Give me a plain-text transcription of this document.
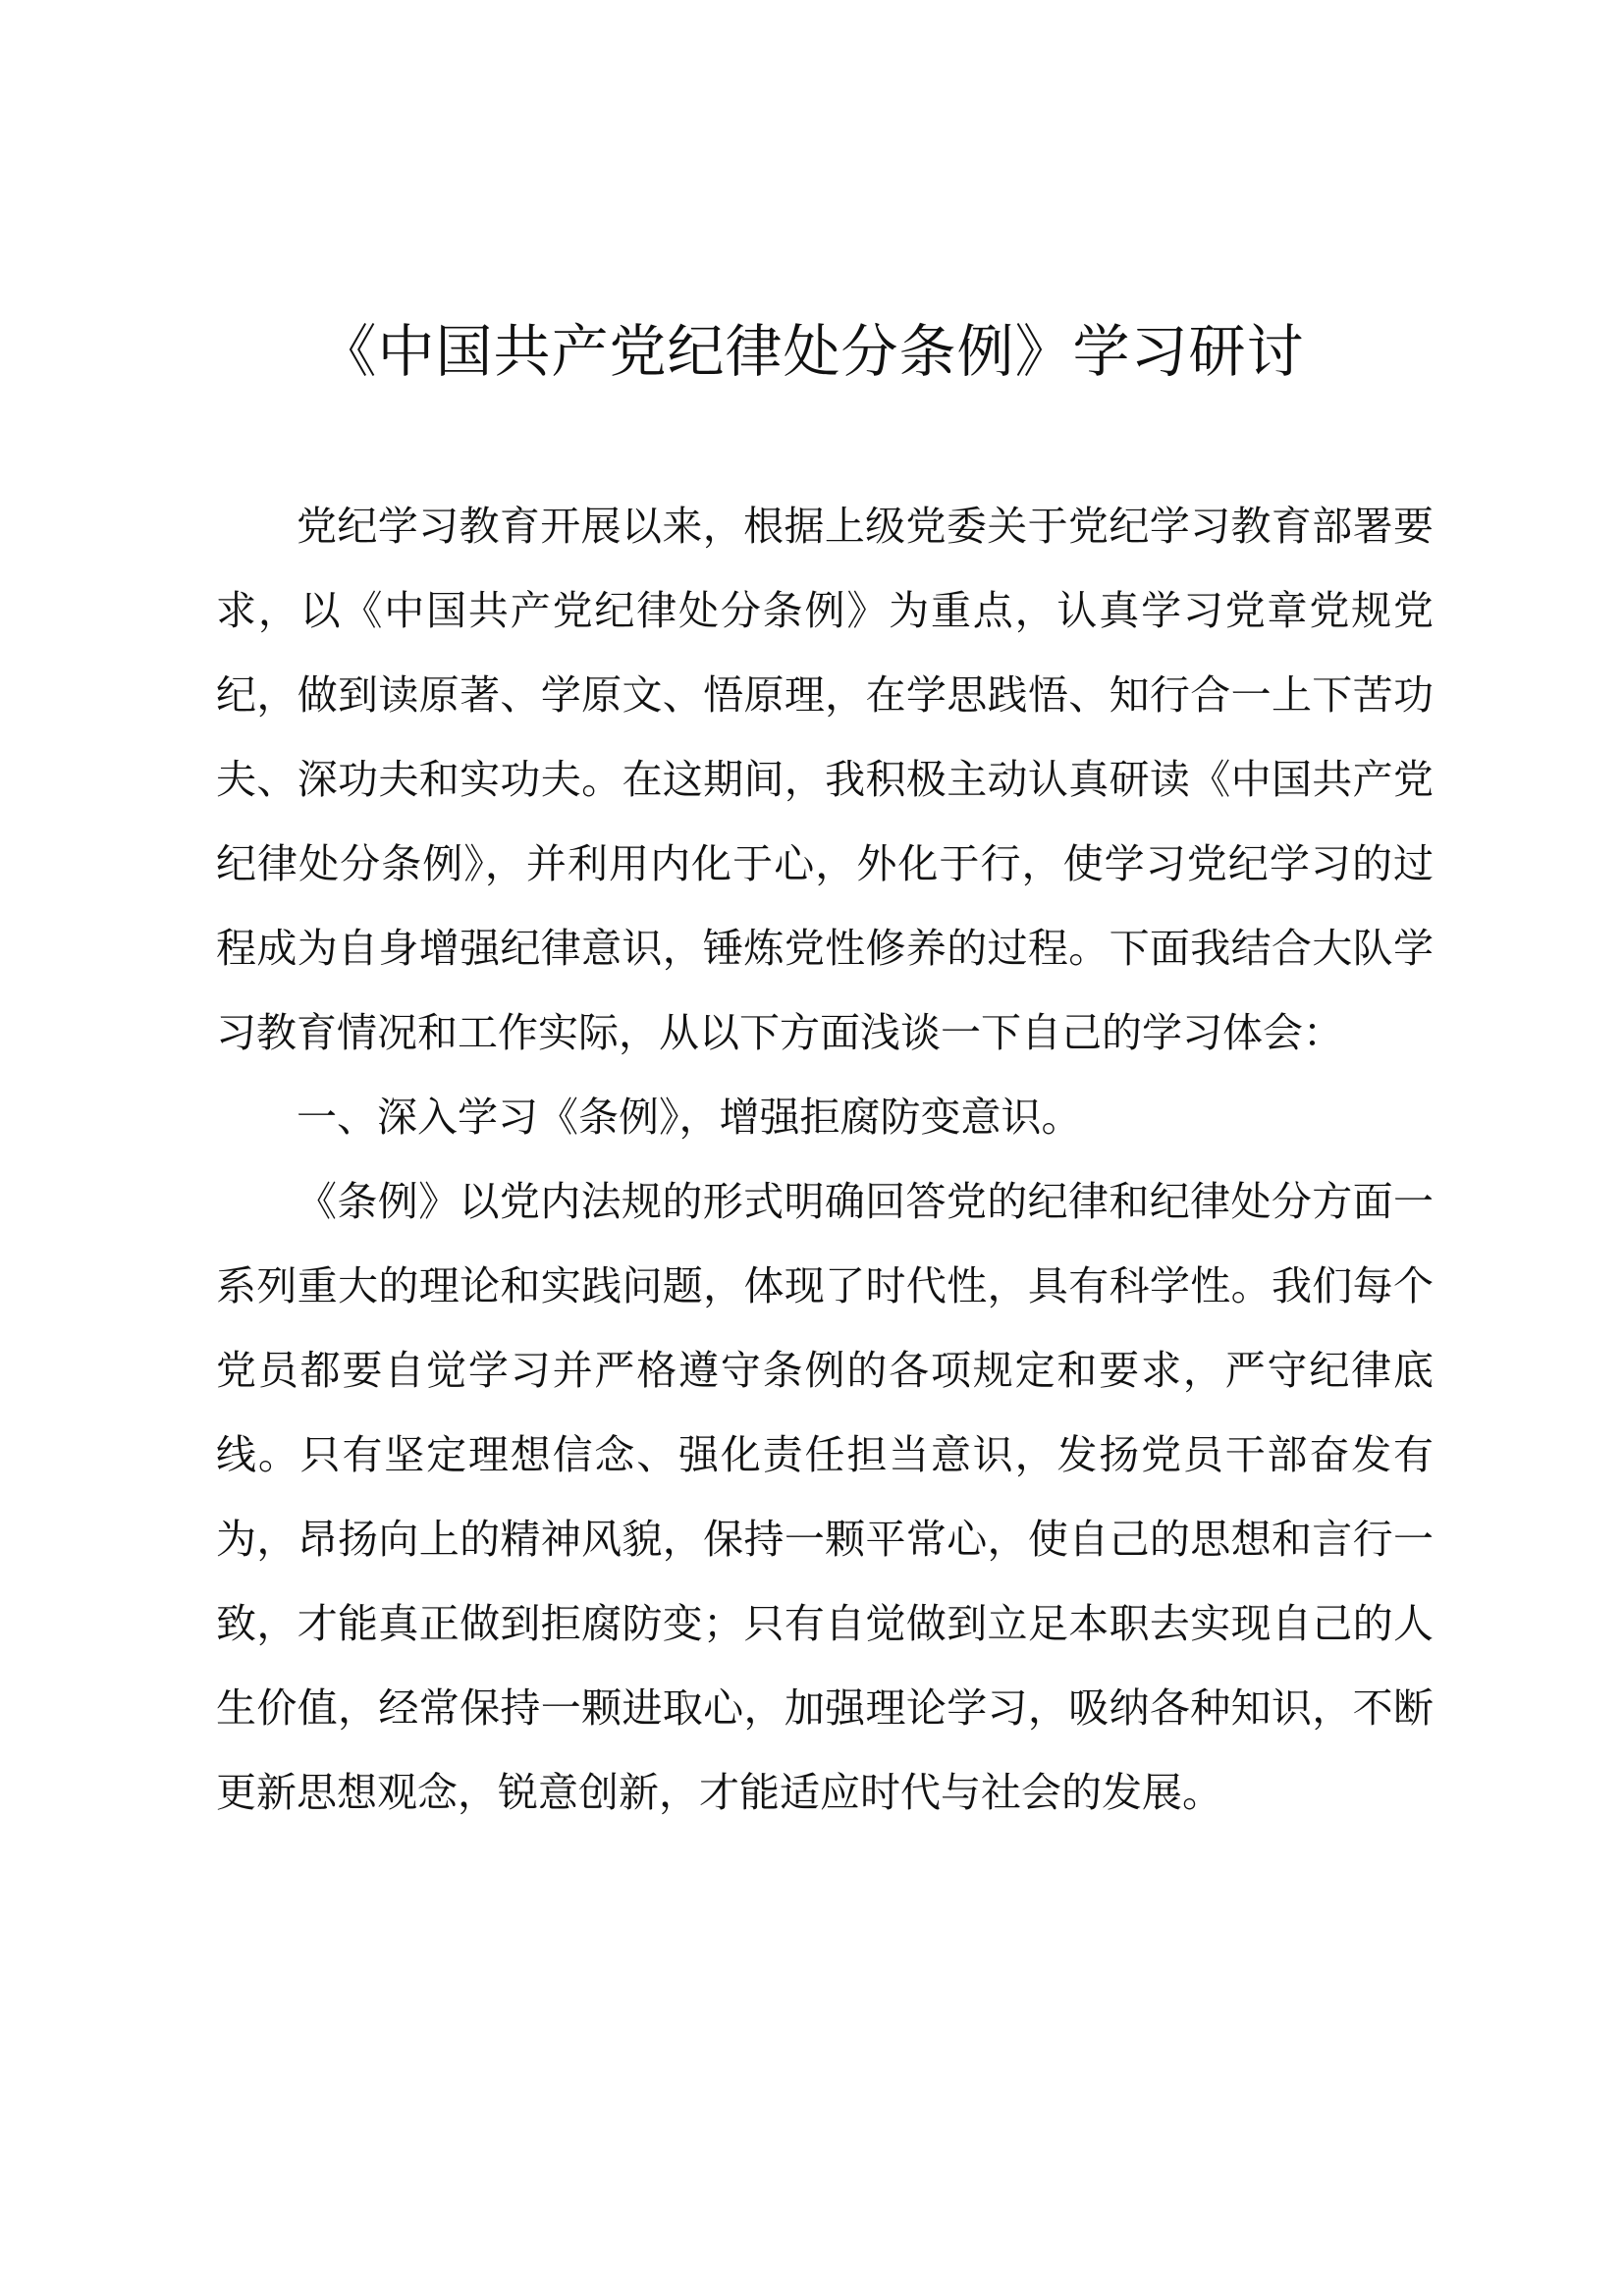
《中国共产党纪律处分条例》学习研讨

党纪学习教育开展以来，根据上级党委关于党纪学习教育部署要求，以《中国共产党纪律处分条例》为重点，认真学习党章党规党纪，做到读原著、学原文、悟原理，在学思践悟、知行合一上下苦功夫、深功夫和实功夫。在这期间，我积极主动认真研读《中国共产党纪律处分条例》，并利用内化于心，外化于行，使学习党纪学习的过程成为自身增强纪律意识，锤炼党性修养的过程。下面我结合大队学习教育情况和工作实际，从以下方面浅谈一下自己的学习体会：

一、深入学习《条例》，增强拒腐防变意识。

《条例》以党内法规的形式明确回答党的纪律和纪律处分方面一系列重大的理论和实践问题，体现了时代性，具有科学性。我们每个党员都要自觉学习并严格遵守条例的各项规定和要求，严守纪律底线。只有坚定理想信念、强化责任担当意识，发扬党员干部奋发有为，昂扬向上的精神风貌，保持一颗平常心，使自己的思想和言行一致，才能真正做到拒腐防变；只有自觉做到立足本职去实现自己的人生价值，经常保持一颗进取心，加强理论学习，吸纳各种知识，不断更新思想观念，锐意创新，才能适应时代与社会的发展。
